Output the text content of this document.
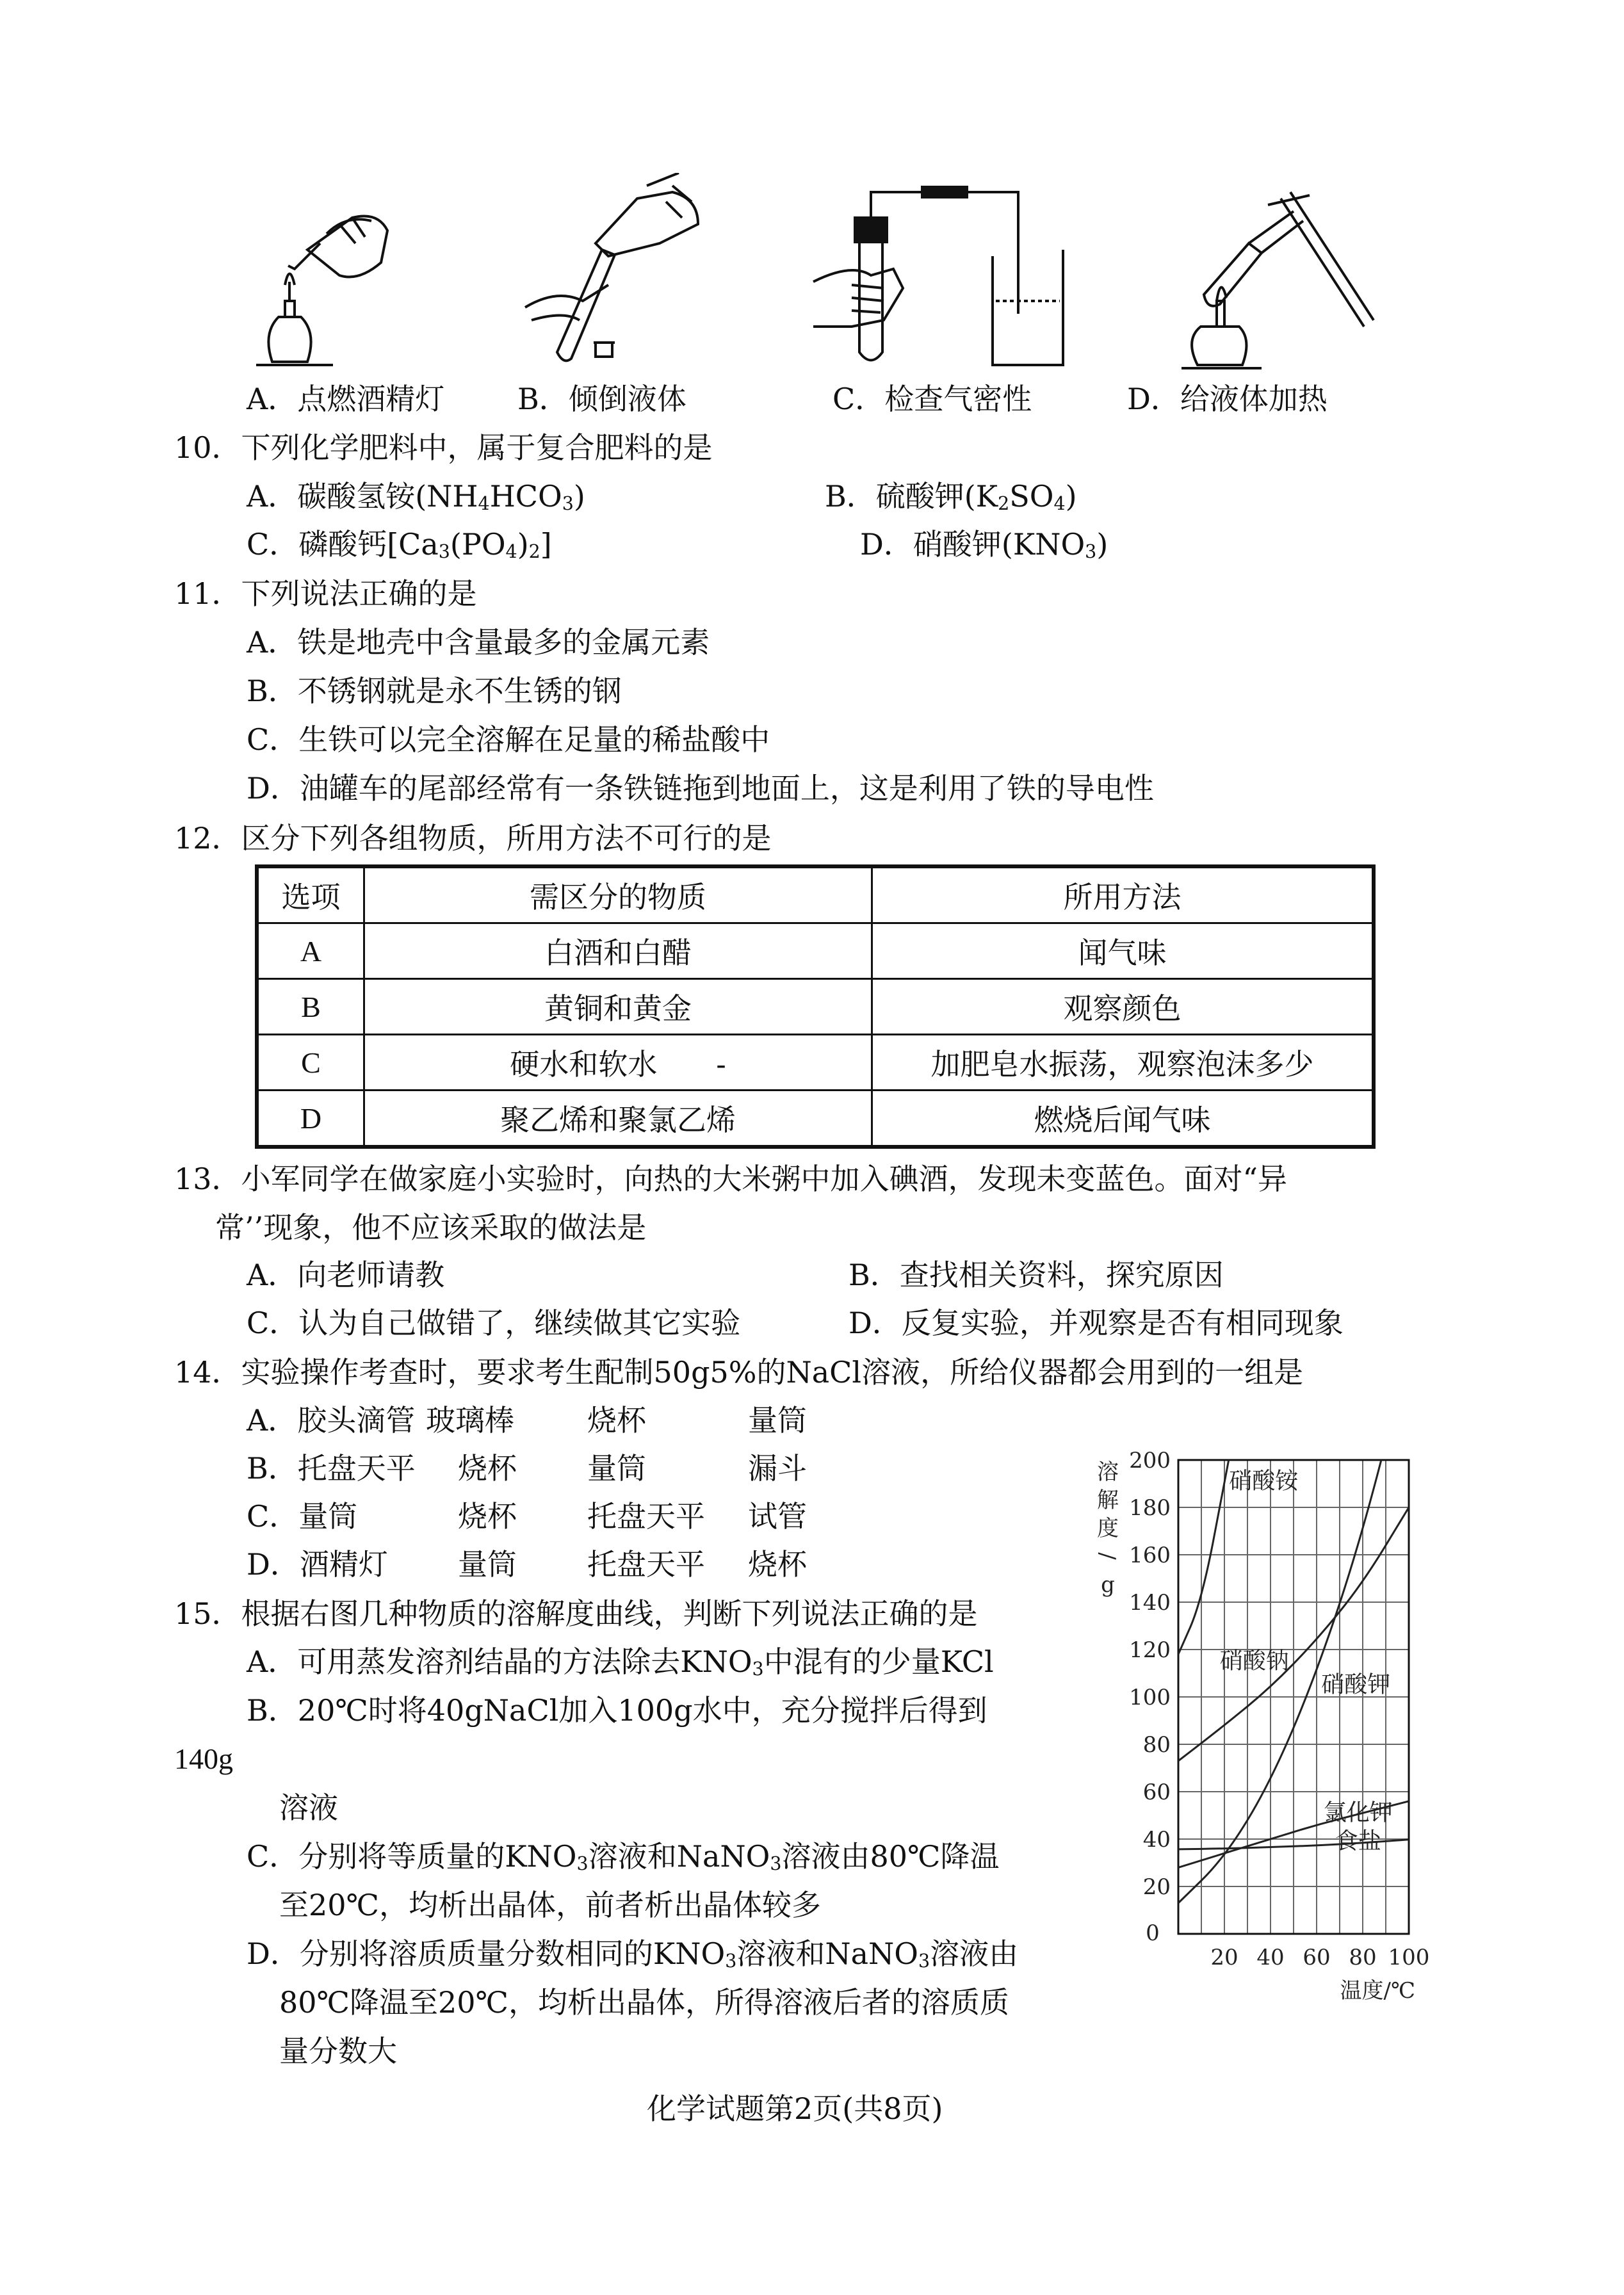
A．点燃酒精灯 B．倾倒液体	C．检查气密性	D．给液体加热
10．下列化学肥料中，属于复合肥料的是
A．碳酸氢铵$(NH_4HCO_3)$	B．硫酸钾$(K_2SO_4)$
C．磷酸钙$[Ca_3(PO_4)_2]$	D．硝酸钾$(KNO_3)$
11．下列说法正确的是
A．铁是地壳中含量最多的金属元素
B．不锈钢就是永不生锈的钢
C．生铁可以完全溶解在足量的稀盐酸中
D．油罐车的尾部经常有一条铁链拖到地面上，这是利用了铁的导电性
12．区分下列各组物质，所用方法不可行的是
选项	需区分的物质	所用方法
A	白酒和白醋	闻气味
B	黄铜和黄金	观察颜色
C	硬水和软水　　-	加肥皂水振荡，观察泡沫多少
D	聚乙烯和聚氯乙烯	燃烧后闻气味
13．小军同学在做家庭小实验时，向热的大米粥中加入碘酒，发现未变蓝色。面对“异
常’’现象，他不应该采取的做法是
A．向老师请教	B．查找相关资料，探究原因
C．认为自己做错了，继续做其它实验	D．反复实验，并观察是否有相同现象
14．实验操作考查时，要求考生配制50g5%的NaCl溶液，所给仪器都会用到的一组是
A．胶头滴管 玻璃棒 烧杯	量筒
B．托盘天平 烧杯 量筒	漏斗
C．量筒	烧杯 托盘天平 试管
D．酒精灯 量筒 托盘天平 烧杯
15．根据右图几种物质的溶解度曲线，判断下列说法正确的是
A．可用蒸发溶剂结晶的方法除去$KNO_3$中混有的少量KCl
B．20℃时将40gNaCl加入100g水中，充分搅拌后得到
140g
溶液
C．分别将等质量的$KNO_3$溶液和NaNO$_3$溶液由80℃降温
至20℃，均析出晶体，前者析出晶体较多
D．分别将溶质质量分数相同的$KNO_3$溶液和NaNO$_3$溶液由
80℃降温至20℃，均析出晶体，所得溶液后者的溶质质
量分数大
20
40
60
80
100
120
140
160
180
200
0
20 40 60 80 100
溶
解
度
/
g
温度/℃
硝酸铵
硝酸钠
硝酸钾
氯化钾
食盐
化学试题第2页(共8页)
